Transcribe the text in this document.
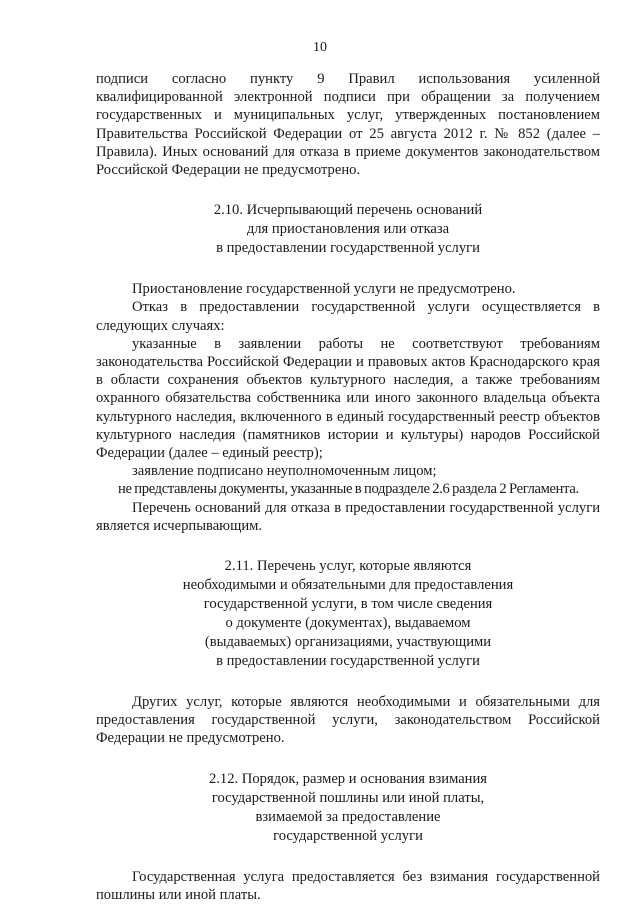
10

подписи согласно пункту 9 Правил использования усиленной квалифицированной электронной подписи при обращении за получением государственных и муниципальных услуг, утвержденных постановлением Правительства Российской Федерации от 25 августа 2012 г. № 852 (далее – Правила). Иных оснований для отказа в приеме документов законодательством Российской Федерации не предусмотрено.

2.10. Исчерпывающий перечень оснований
для приостановления или отказа
в предоставлении государственной услуги

Приостановление государственной услуги не предусмотрено.

Отказ в предоставлении государственной услуги осуществляется в следующих случаях:

указанные в заявлении работы не соответствуют требованиям законодательства Российской Федерации и правовых актов Краснодарского края в области сохранения объектов культурного наследия, а также требованиям охранного обязательства собственника или иного законного владельца объекта культурного наследия, включенного в единый государственный реестр объектов культурного наследия (памятников истории и культуры) народов Российской Федерации (далее – единый реестр);

заявление подписано неуполномоченным лицом;

не представлены документы, указанные в подразделе 2.6 раздела 2 Регламента.

Перечень оснований для отказа в предоставлении государственной услуги является исчерпывающим.

2.11. Перечень услуг, которые являются
необходимыми и обязательными для предоставления
государственной услуги, в том числе сведения
о документе (документах), выдаваемом
(выдаваемых) организациями, участвующими
в предоставлении государственной услуги

Других услуг, которые являются необходимыми и обязательными для предоставления государственной услуги, законодательством Российской Федерации не предусмотрено.

2.12. Порядок, размер и основания взимания
государственной пошлины или иной платы,
взимаемой за предоставление
государственной услуги

Государственная услуга предоставляется без взимания государственной пошлины или иной платы.
